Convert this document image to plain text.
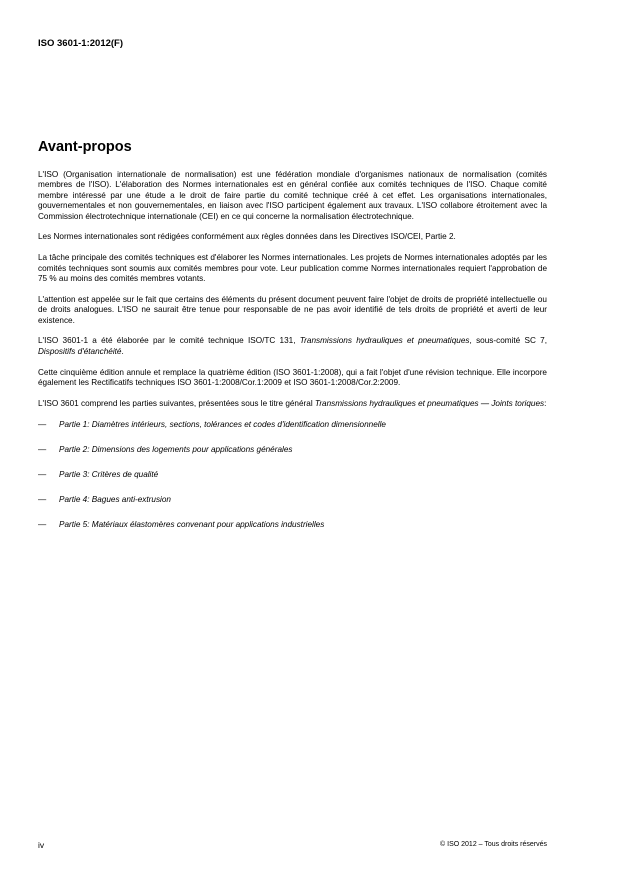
ISO 3601-1:2012(F)
Avant-propos

L'ISO (Organisation internationale de normalisation) est une fédération mondiale d'organismes nationaux de normalisation (comités membres de l'ISO). L'élaboration des Normes internationales est en général confiée aux comités techniques de l'ISO. Chaque comité membre intéressé par une étude a le droit de faire partie du comité technique créé à cet effet. Les organisations internationales, gouvernementales et non gouvernementales, en liaison avec l'ISO participent également aux travaux. L'ISO collabore étroitement avec la Commission électrotechnique internationale (CEI) en ce qui concerne la normalisation électrotechnique.

Les Normes internationales sont rédigées conformément aux règles données dans les Directives ISO/CEI, Partie 2.

La tâche principale des comités techniques est d'élaborer les Normes internationales. Les projets de Normes internationales adoptés par les comités techniques sont soumis aux comités membres pour vote. Leur publication comme Normes internationales requiert l'approbation de 75 % au moins des comités membres votants.

L'attention est appelée sur le fait que certains des éléments du présent document peuvent faire l'objet de droits de propriété intellectuelle ou de droits analogues. L'ISO ne saurait être tenue pour responsable de ne pas avoir identifié de tels droits de propriété et averti de leur existence.

L'ISO 3601-1 a été élaborée par le comité technique ISO/TC 131, Transmissions hydrauliques et pneumatiques, sous-comité SC 7, Dispositifs d'étanchéité.

Cette cinquième édition annule et remplace la quatrième édition (ISO 3601-1:2008), qui a fait l'objet d'une révision technique. Elle incorpore également les Rectificatifs techniques ISO 3601-1:2008/Cor.1:2009 et ISO 3601-1:2008/Cor.2:2009.

L'ISO 3601 comprend les parties suivantes, présentées sous le titre général Transmissions hydrauliques et pneumatiques — Joints toriques:

—	Partie 1: Diamètres intérieurs, sections, tolérances et codes d'identification dimensionnelle
—	Partie 2: Dimensions des logements pour applications générales
—	Partie 3: Critères de qualité
—	Partie 4: Bagues anti-extrusion
—	Partie 5: Matériaux élastomères convenant pour applications industrielles
iv	© ISO 2012 – Tous droits réservés
